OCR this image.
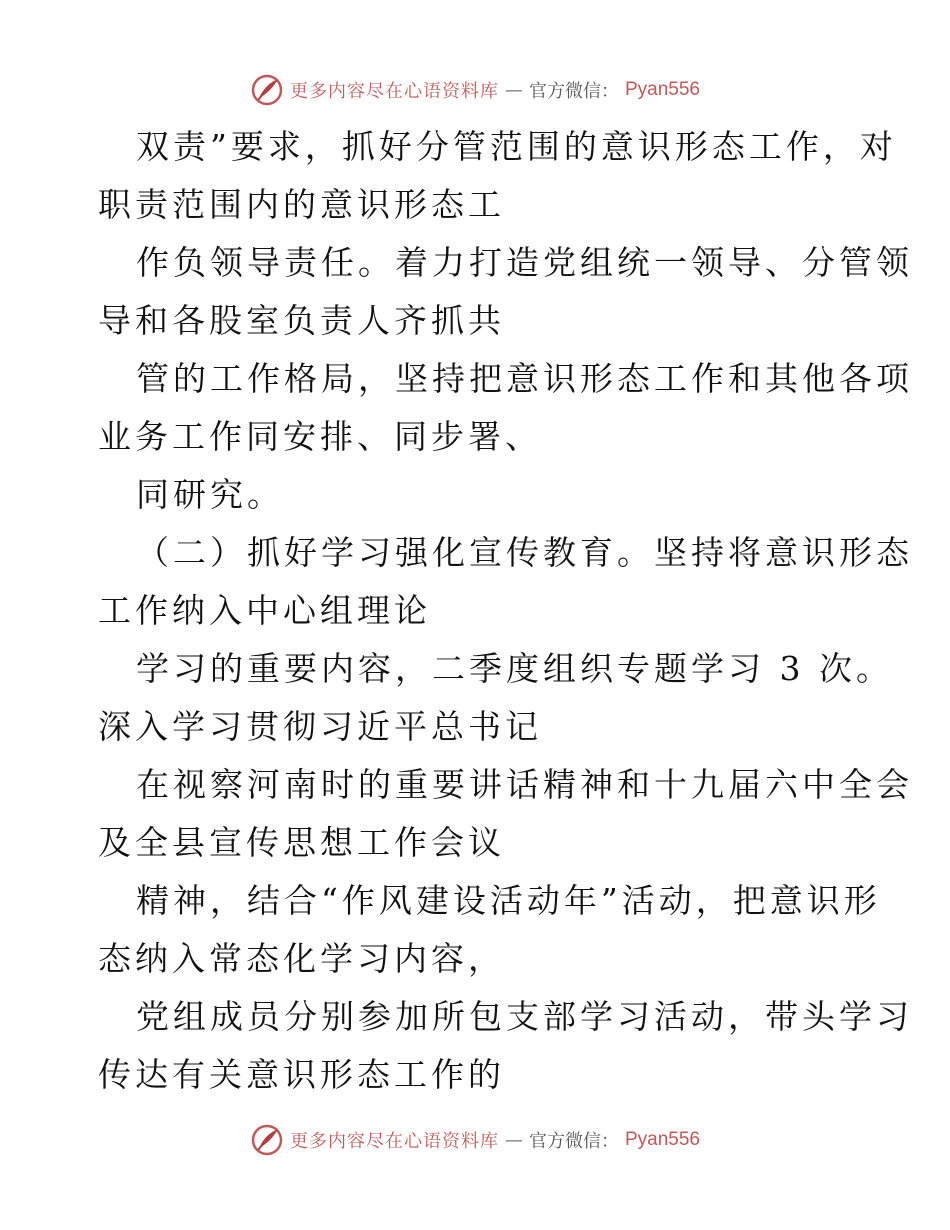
更多内容尽在心语资料库 — 官方微信： Pyan556
双责”要求，抓好分管范围的意识形态工作，对
职责范围内的意识形态工
作负领导责任。着力打造党组统一领导、分管领
导和各股室负责人齐抓共
管的工作格局，坚持把意识形态工作和其他各项
业务工作同安排、同步署、
同研究。
（二）抓好学习强化宣传教育。坚持将意识形态
工作纳入中心组理论
学习的重要内容，二季度组织专题学习 3 次。
深入学习贯彻习近平总书记
在视察河南时的重要讲话精神和十九届六中全会
及全县宣传思想工作会议
精神，结合“作风建设活动年”活动，把意识形
态纳入常态化学习内容，
党组成员分别参加所包支部学习活动，带头学习
传达有关意识形态工作的
更多内容尽在心语资料库 — 官方微信： Pyan556
